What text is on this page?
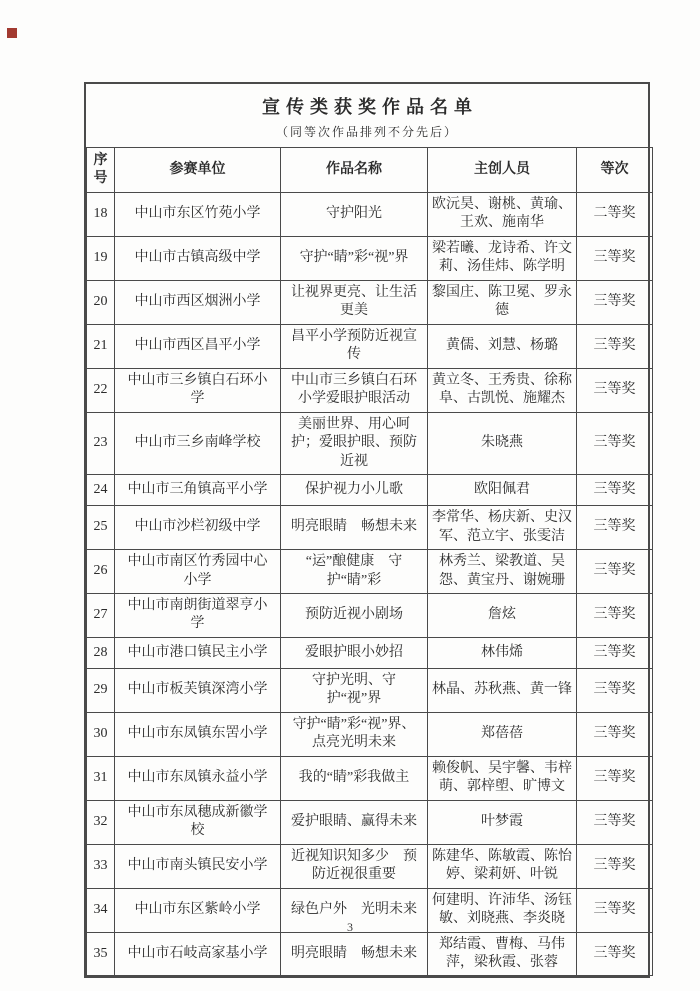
宣传类获奖作品名单
（同等次作品排列不分先后）
序号	参赛单位	作品名称	主创人员	等次
18	中山市东区竹苑小学	守护阳光	欧沅昊、谢桃、黄瑜、王欢、施南华	二等奖
19	中山市古镇高级中学	守护“睛”彩“视”界	梁若曦、龙诗希、许文莉、汤佳炜、陈学明	三等奖
20	中山市西区烟洲小学	让视界更亮、让生活更美	黎国庄、陈卫冕、罗永德	三等奖
21	中山市西区昌平小学	昌平小学预防近视宣传	黄儒、刘慧、杨璐	三等奖
22	中山市三乡镇白石环小学	中山市三乡镇白石环小学爱眼护眼活动	黄立冬、王秀贵、徐称阜、古凯悦、施耀杰	三等奖
23	中山市三乡南峰学校	美丽世界、用心呵护；爱眼护眼、预防近视	朱晓燕	三等奖
24	中山市三角镇高平小学	保护视力小儿歌	欧阳佩君	三等奖
25	中山市沙栏初级中学	明亮眼睛　畅想未来	李常华、杨庆新、史汉军、范立宇、张雯洁	三等奖
26	中山市南区竹秀园中心小学	“运”酿健康　守护“睛”彩	林秀兰、梁教道、吴怨、黄宝丹、谢婉珊	三等奖
27	中山市南朗街道翠亨小学	预防近视小剧场	詹炫	三等奖
28	中山市港口镇民主小学	爱眼护眼小妙招	林伟烯	三等奖
29	中山市板芙镇深湾小学	守护光明、守护“视”界	林晶、苏秋燕、黄一锋	三等奖
30	中山市东凤镇东罟小学	守护“睛”彩“视”界、点亮光明未来	郑蓓蓓	三等奖
31	中山市东凤镇永益小学	我的“睛”彩我做主	赖俊帆、吴宇馨、韦梓萌、郭梓塱、旷博文	三等奖
32	中山市东凤穗成新徽学校	爱护眼睛、赢得未来	叶梦霞	三等奖
33	中山市南头镇民安小学	近视知识知多少　预防近视很重要	陈建华、陈敏霞、陈怡婷、梁莉妍、叶锐	三等奖
34	中山市东区紫岭小学	绿色户外　光明未来	何建明、许沛华、汤钰敏、刘晓燕、李炎晓	三等奖
35	中山市石岐高家基小学	明亮眼睛　畅想未来	郑结霞、曹梅、马伟萍，梁秋霞、张蓉	三等奖
3
